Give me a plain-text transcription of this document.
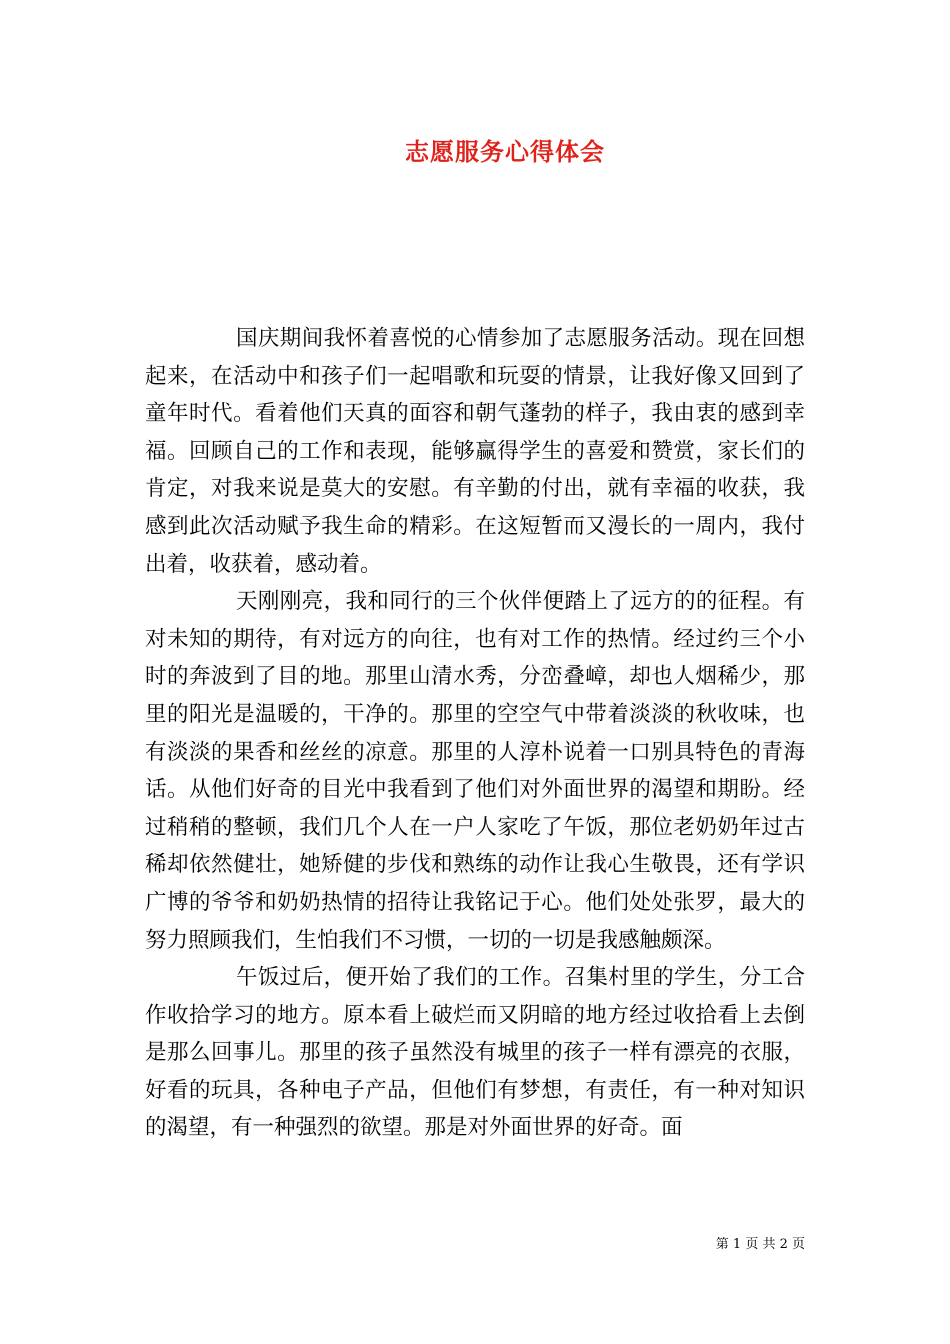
志愿服务心得体会

国庆期间我怀着喜悦的心情参加了志愿服务活动。现在回想起来，在活动中和孩子们一起唱歌和玩耍的情景，让我好像又回到了童年时代。看着他们天真的面容和朝气蓬勃的样子，我由衷的感到幸福。回顾自己的工作和表现，能够赢得学生的喜爱和赞赏，家长们的肯定，对我来说是莫大的安慰。有辛勤的付出，就有幸福的收获，我感到此次活动赋予我生命的精彩。在这短暂而又漫长的一周内，我付出着，收获着，感动着。

天刚刚亮，我和同行的三个伙伴便踏上了远方的的征程。有对未知的期待，有对远方的向往，也有对工作的热情。经过约三个小时的奔波到了目的地。那里山清水秀，分峦叠嶂，却也人烟稀少，那里的阳光是温暖的，干净的。那里的空空气中带着淡淡的秋收味，也有淡淡的果香和丝丝的凉意。那里的人淳朴说着一口别具特色的青海话。从他们好奇的目光中我看到了他们对外面世界的渴望和期盼。经过稍稍的整顿，我们几个人在一户人家吃了午饭，那位老奶奶年过古稀却依然健壮，她矫健的步伐和熟练的动作让我心生敬畏，还有学识广博的爷爷和奶奶热情的招待让我铭记于心。他们处处张罗，最大的努力照顾我们，生怕我们不习惯，一切的一切是我感触颇深。

午饭过后，便开始了我们的工作。召集村里的学生，分工合作收拾学习的地方。原本看上破烂而又阴暗的地方经过收拾看上去倒是那么回事儿。那里的孩子虽然没有城里的孩子一样有漂亮的衣服，好看的玩具，各种电子产品，但他们有梦想，有责任，有一种对知识的渴望，有一种强烈的欲望。那是对外面世界的好奇。面

第 1 页 共 2 页
